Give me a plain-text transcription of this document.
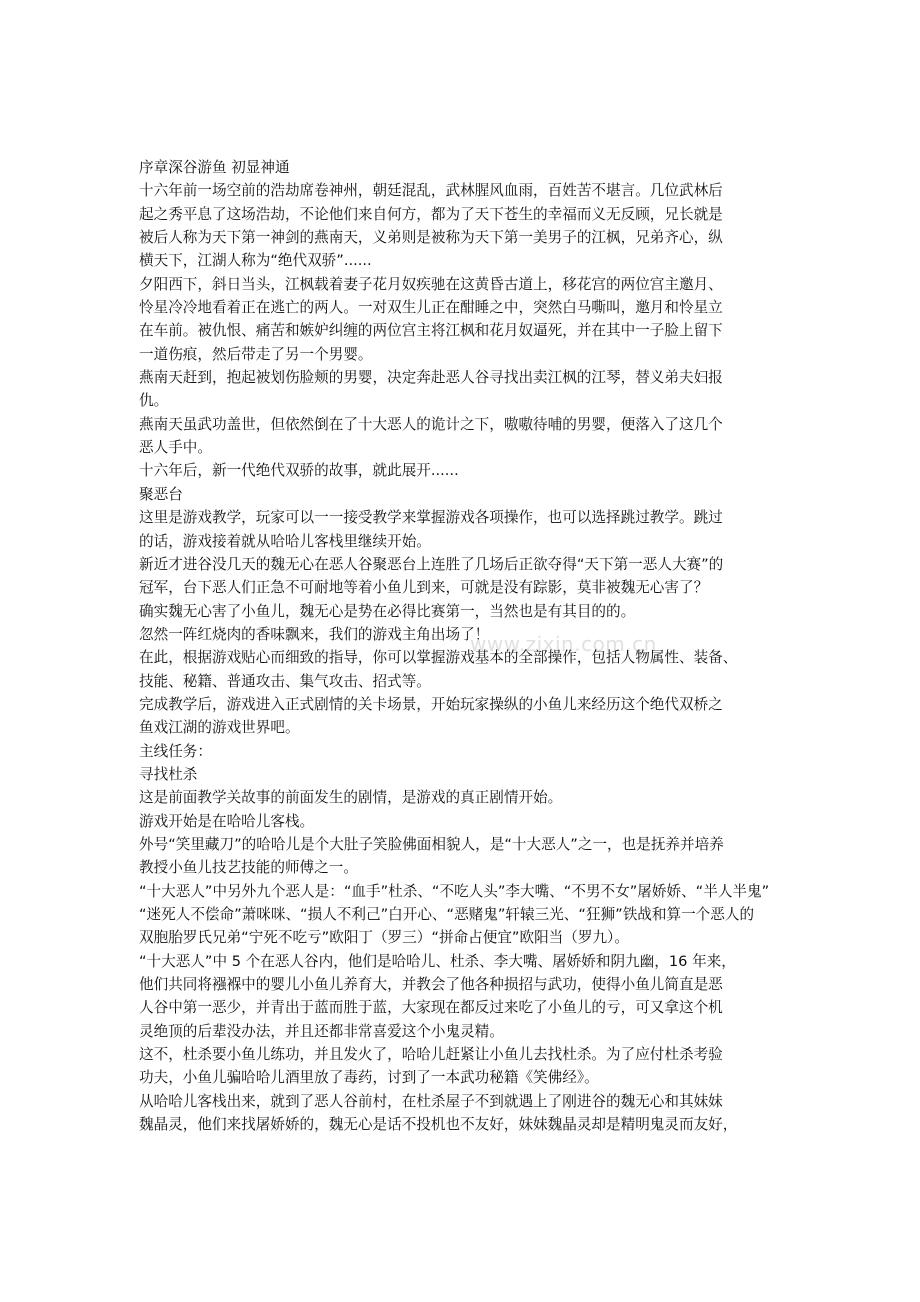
www.zixin.com.cn
序章深谷游鱼 初显神通
十六年前一场空前的浩劫席卷神州，朝廷混乱，武林腥风血雨，百姓苦不堪言。几位武林后
起之秀平息了这场浩劫，不论他们来自何方，都为了天下苍生的幸福而义无反顾，兄长就是
被后人称为天下第一神剑的燕南天，义弟则是被称为天下第一美男子的江枫，兄弟齐心，纵
横天下，江湖人称为“绝代双骄”......
夕阳西下，斜日当头，江枫载着妻子花月奴疾驰在这黄昏古道上，移花宫的两位宫主邀月、
怜星冷冷地看着正在逃亡的两人。一对双生儿正在酣睡之中，突然白马嘶叫，邀月和怜星立
在车前。被仇恨、痛苦和嫉妒纠缠的两位宫主将江枫和花月奴逼死，并在其中一子脸上留下
一道伤痕，然后带走了另一个男婴。
燕南天赶到，抱起被划伤脸颊的男婴，决定奔赴恶人谷寻找出卖江枫的江琴，替义弟夫妇报
仇。
燕南天虽武功盖世，但依然倒在了十大恶人的诡计之下，嗷嗷待哺的男婴，便落入了这几个
恶人手中。
十六年后，新一代绝代双骄的故事，就此展开......
聚恶台
这里是游戏教学，玩家可以一一接受教学来掌握游戏各项操作，也可以选择跳过教学。跳过
的话，游戏接着就从哈哈儿客栈里继续开始。
新近才进谷没几天的魏无心在恶人谷聚恶台上连胜了几场后正欲夺得“天下第一恶人大赛”的
冠军，台下恶人们正急不可耐地等着小鱼儿到来，可就是没有踪影，莫非被魏无心害了？
确实魏无心害了小鱼儿，魏无心是势在必得比赛第一，当然也是有其目的的。
忽然一阵红烧肉的香味飘来，我们的游戏主角出场了！
在此，根据游戏贴心而细致的指导，你可以掌握游戏基本的全部操作，包括人物属性、装备、
技能、秘籍、普通攻击、集气攻击、招式等。
完成教学后，游戏进入正式剧情的关卡场景，开始玩家操纵的小鱼儿来经历这个绝代双桥之
鱼戏江湖的游戏世界吧。
主线任务：
寻找杜杀
这是前面教学关故事的前面发生的剧情，是游戏的真正剧情开始。
游戏开始是在哈哈儿客栈。
外号“笑里藏刀”的哈哈儿是个大肚子笑脸佛面相貌人，是“十大恶人”之一，也是抚养并培养
教授小鱼儿技艺技能的师傅之一。
“十大恶人”中另外九个恶人是：“血手”杜杀、“不吃人头”李大嘴、“不男不女”屠娇娇、“半人半鬼”
“迷死人不偿命”萧咪咪、“损人不利己”白开心、“恶赌鬼”轩辕三光、“狂狮”铁战和算一个恶人的
双胞胎罗氏兄弟“宁死不吃亏”欧阳丁（罗三）“拼命占便宜”欧阳当（罗九）。
“十大恶人”中 5 个在恶人谷内，他们是哈哈儿、杜杀、李大嘴、屠娇娇和阴九幽，16 年来，
他们共同将襁褓中的婴儿小鱼儿养育大，并教会了他各种损招与武功，使得小鱼儿简直是恶
人谷中第一恶少，并青出于蓝而胜于蓝，大家现在都反过来吃了小鱼儿的亏，可又拿这个机
灵绝顶的后辈没办法，并且还都非常喜爱这个小鬼灵精。
这不，杜杀要小鱼儿练功，并且发火了，哈哈儿赶紧让小鱼儿去找杜杀。为了应付杜杀考验
功夫，小鱼儿骗哈哈儿酒里放了毒药，讨到了一本武功秘籍《笑佛经》。
从哈哈儿客栈出来，就到了恶人谷前村，在杜杀屋子不到就遇上了刚进谷的魏无心和其妹妹
魏晶灵，他们来找屠娇娇的，魏无心是话不投机也不友好，妹妹魏晶灵却是精明鬼灵而友好，
